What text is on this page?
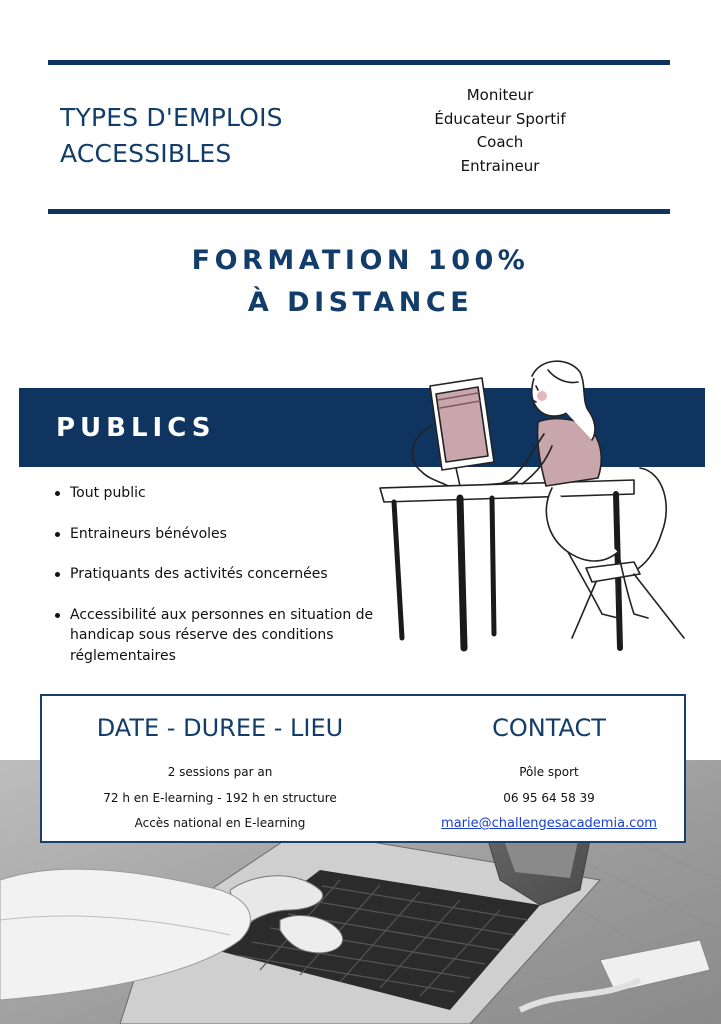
TYPES D'EMPLOIS
ACCESSIBLES
Moniteur
Éducateur Sportif
Coach
Entraineur
FORMATION 100%
À DISTANCE
PUBLICS
Tout public
Entraineurs bénévoles
Pratiquants des activités concernées
Accessibilité aux personnes en situation de handicap sous réserve des conditions réglementaires
DATE - DUREE - LIEU
2 sessions par an
72 h en E-learning - 192 h en structure
Accès national en E-learning
CONTACT
Pôle sport
06 95 64 58 39
marie@challengesacademia.com
